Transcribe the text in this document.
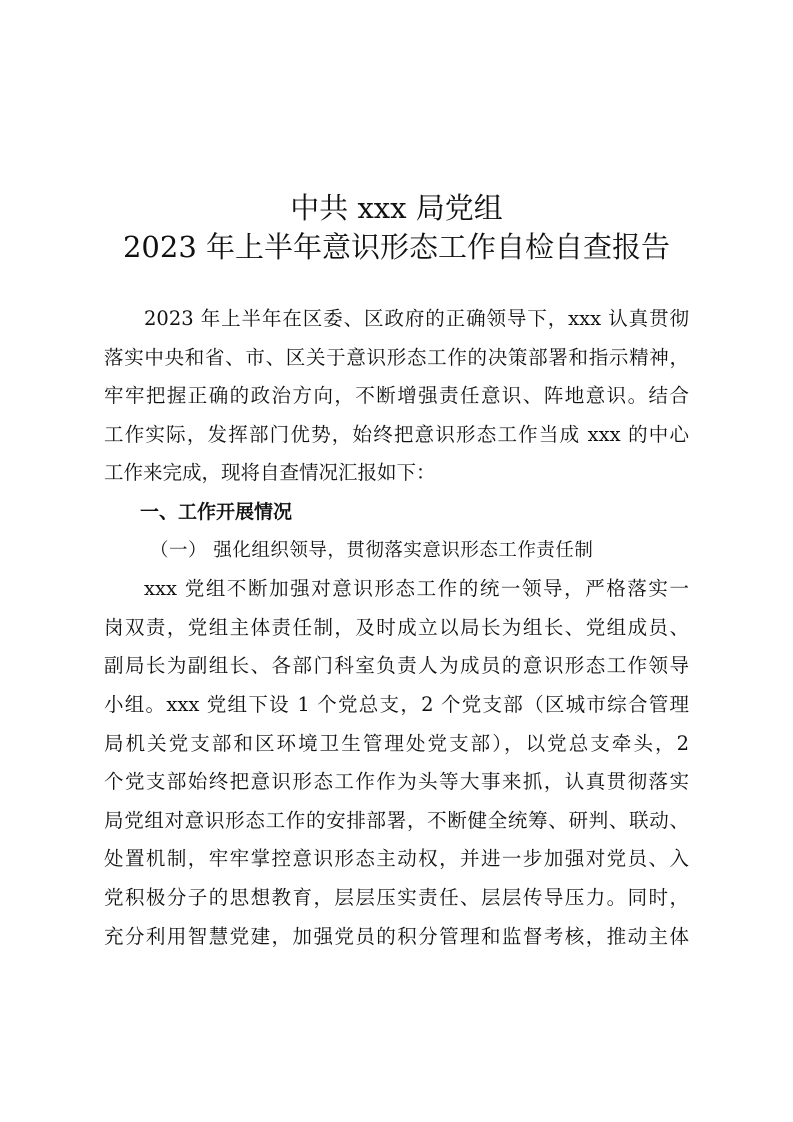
中共 xxx 局党组
2023 年上半年意识形态工作自检自查报告
2023 年上半年在区委、区政府的正确领导下，xxx 认真贯彻
落实中央和省、市、区关于意识形态工作的决策部署和指示精神，
牢牢把握正确的政治方向，不断增强责任意识、阵地意识。结合
工作实际，发挥部门优势，始终把意识形态工作当成 xxx 的中心
工作来完成，现将自查情况汇报如下：
一、工作开展情况
（一） 强化组织领导，贯彻落实意识形态工作责任制
xxx 党组不断加强对意识形态工作的统一领导，严格落实一
岗双责，党组主体责任制，及时成立以局长为组长、党组成员、
副局长为副组长、各部门科室负责人为成员的意识形态工作领导
小组。xxx 党组下设 1 个党总支，2 个党支部（区城市综合管理
局机关党支部和区环境卫生管理处党支部），以党总支牵头，2
个党支部始终把意识形态工作作为头等大事来抓，认真贯彻落实
局党组对意识形态工作的安排部署，不断健全统筹、研判、联动、
处置机制，牢牢掌控意识形态主动权，并进一步加强对党员、入
党积极分子的思想教育，层层压实责任、层层传导压力。同时，
充分利用智慧党建，加强党员的积分管理和监督考核，推动主体
